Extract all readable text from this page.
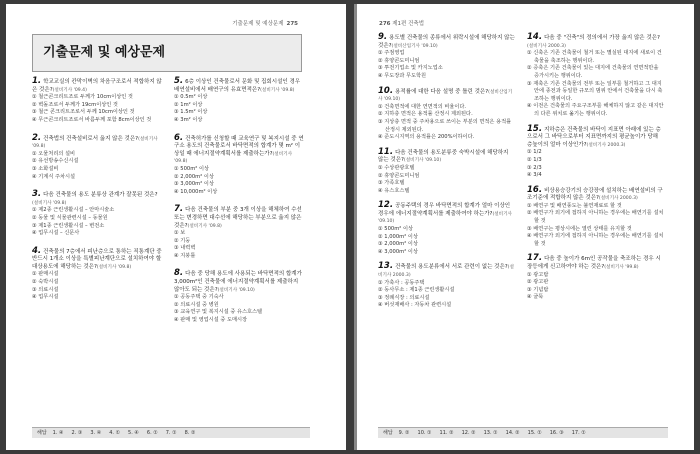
기출문제 및 예상문제 275
기출문제 및 예상문제
1. 학교교실의 칸막이벽의 차음구조로서 적합하지 않은 것은?(설비기사 '09.4)
① 철근콘크리트조로 두께가 10cm이상인 것
② 벽돌조로서 두께가 19cm이상인 것
③ 철근 콘크리트조로서 두께 10cm이상인 것
④ 무근콘크리트조로서 바름두께 포함 8cm이상인 것
2. 건축법의 건축설비로서 옳지 않은 것은?(설비기사 '09.8)
① 오물처리의 설비
② 유선방송수신시설
③ 소화설비
④ 기계식 주차시설
3. 다음 건축물의 용도 분류상 관계가 잘못된 것은?(설비기사 '09.8)
① 제2종 근린생활시설 – 안마시술소
② 동물 및 식물관련시설 – 동물원
③ 제1종 근린생활시설 – 변전소
④ 업무시설 – 신문사
4. 건축물의 7층에서 피난층으로 통하는 직통계단 중 반드시 1개소 이상을 특별피난계단으로 설치하여야 할 대상용도에 해당하는 것은?(설비기사 '09.8)
① 판매시설
② 숙박시설
③ 의료시설
④ 업무시설
5. 6층 이상인 건축물로서 문화 및 집회시설인 경우 배연설비에서 배연구의 유효면적은?(설비기사 '09.8)
① 0.5m² 이상
② 1m² 이상
③ 1.5m² 이상
④ 3m² 이상
6. 건축허가를 신청할 때 교육연구 및 복지시설 중 연구소 용도의 건축물로서 바닥면적의 합계가 몇 m² 이상일 때 에너지절약계획서를 제출하는가?(설비기사 '09.8)
① 500m² 이상
② 2,000m² 이상
③ 3,000m² 이상
④ 10,000m² 이상
7. 다음 건축물의 부분 중 3개 이상을 해체하여 수선 또는 변경하면 대수선에 해당하는 부분으로 옳지 않은 것은?(설비기사 '09.8)
① 보
② 기둥
③ 내력벽
④ 지붕틀
8. 다음 중 당해 용도에 사용되는 바닥면적의 합계가 3,000m²인 건축물에 에너지절약계획서를 제출하지 않아도 되는 것은?(설비기사 '09.10)
① 공동주택 중 기숙사
② 의료시설 중 병원
③ 교육연구 및 복지시설 중 유스호스텔
④ 판매 및 영업시설 중 도매시장
해답 1. ④ 2. ③ 3. ④ 4. ① 5. ④ 6. ① 7. ① 8. ②
276 제1편 건축법
9. 용도별 건축물의 종류에서 위락시설에 해당하지 않는 것은?(설비산업기사 '09.10)
① 주점영업
② 휴양콘도미니엄
③ 투전기업소 및 카지노업소
④ 무도장과 무도학원
10. 용적률에 대한 다음 설명 중 틀린 것은?(설비산업기사 '09.10)
① 건축면적에 대한 연면적의 비율이다.
② 지하층 면적은 용적률 산정시 제외된다.
③ 지상층 면적 중 주차용으로 쓰이는 부분의 면적은 용적률 산정시 제외된다.
④ 준도시지역의 용적률은 200%이하이다.
11. 다음 건축물의 용도분류중 숙박시설에 해당하지 않는 것은?(설비기사 '09.10)
① 수상관광호텔
② 휴양콘도미니엄
③ 가족호텔
④ 유스호스텔
12. 공동주택의 경우 바닥면적의 합계가 얼마 이상인 경우에 에너지절약계획서를 제출하여야 하는가?(설비기사 '09.10)
① 500m² 이상
② 1,000m² 이상
③ 2,000m² 이상
④ 3,000m² 이상
13. 건축물의 용도분류에서 서로 관련이 없는 것은?(설비기사 2000.3)
① 가축사 : 공동주택
② 동사무소 : 제1종 근린생활시설
③ 정례식장 : 의료시설
④ 버섯재배사 : 자동차 관련시설
14. 다음 중 "건축"의 정의에서 가장 옳지 않은 것은?(설비기사 2000.3)
① 신축은 기존 건축물이 철거 또는 멸실된 대지에 새로이 건축물을 축조하는 행위이다.
② 증축은 기존 건축물이 있는 대지에 건축물의 연면적만을 증가시키는 행위이다.
③ 재축은 기존 건축물의 전부 또는 일부를 철거하고 그 대지안에 종전과 동일한 규모의 범위 안에서 건축물을 다시 축조하는 행위이다.
④ 이전은 건축물의 주요구조부를 해체하지 않고 같은 대지안의 다른 위치로 옮기는 행위이다.
15. 지하층은 건축물의 바닥이 지표면 아래에 있는 층으로서 그 바닥으로부터 지표면까지의 평균높이가 당해 층높이의 얼마 이상인가?(설비기사 2000.3)
① 1/2
② 1/3
③ 2/3
④ 3/4
16. 비상용승강기의 승강장에 설치하는 배연설비의 구조기준에 적합하지 않은 것은?(설비기사 2000.3)
① 배연구 및 배연풍도는 불연재료로 할 것
② 배연구가 외기에 접하지 아니하는 경우에는 배연기를 설치할 것
③ 배연구는 평상시에는 열린 상태를 유지할 것
④ 배연구가 외기에 접하지 아니하는 경우에는 배연기를 설치할 것
17. 다음 중 높이가 6m인 공작물을 축조하는 경우 시장등에게 신고하여야 하는 것은?(설비기사 '99.8)
① 광고탑
② 광고판
③ 기념탑
④ 굴뚝
해답 9. ② 10. ① 11. ② 12. ② 13. ① 14. ② 15. ① 16. ③ 17. ①
